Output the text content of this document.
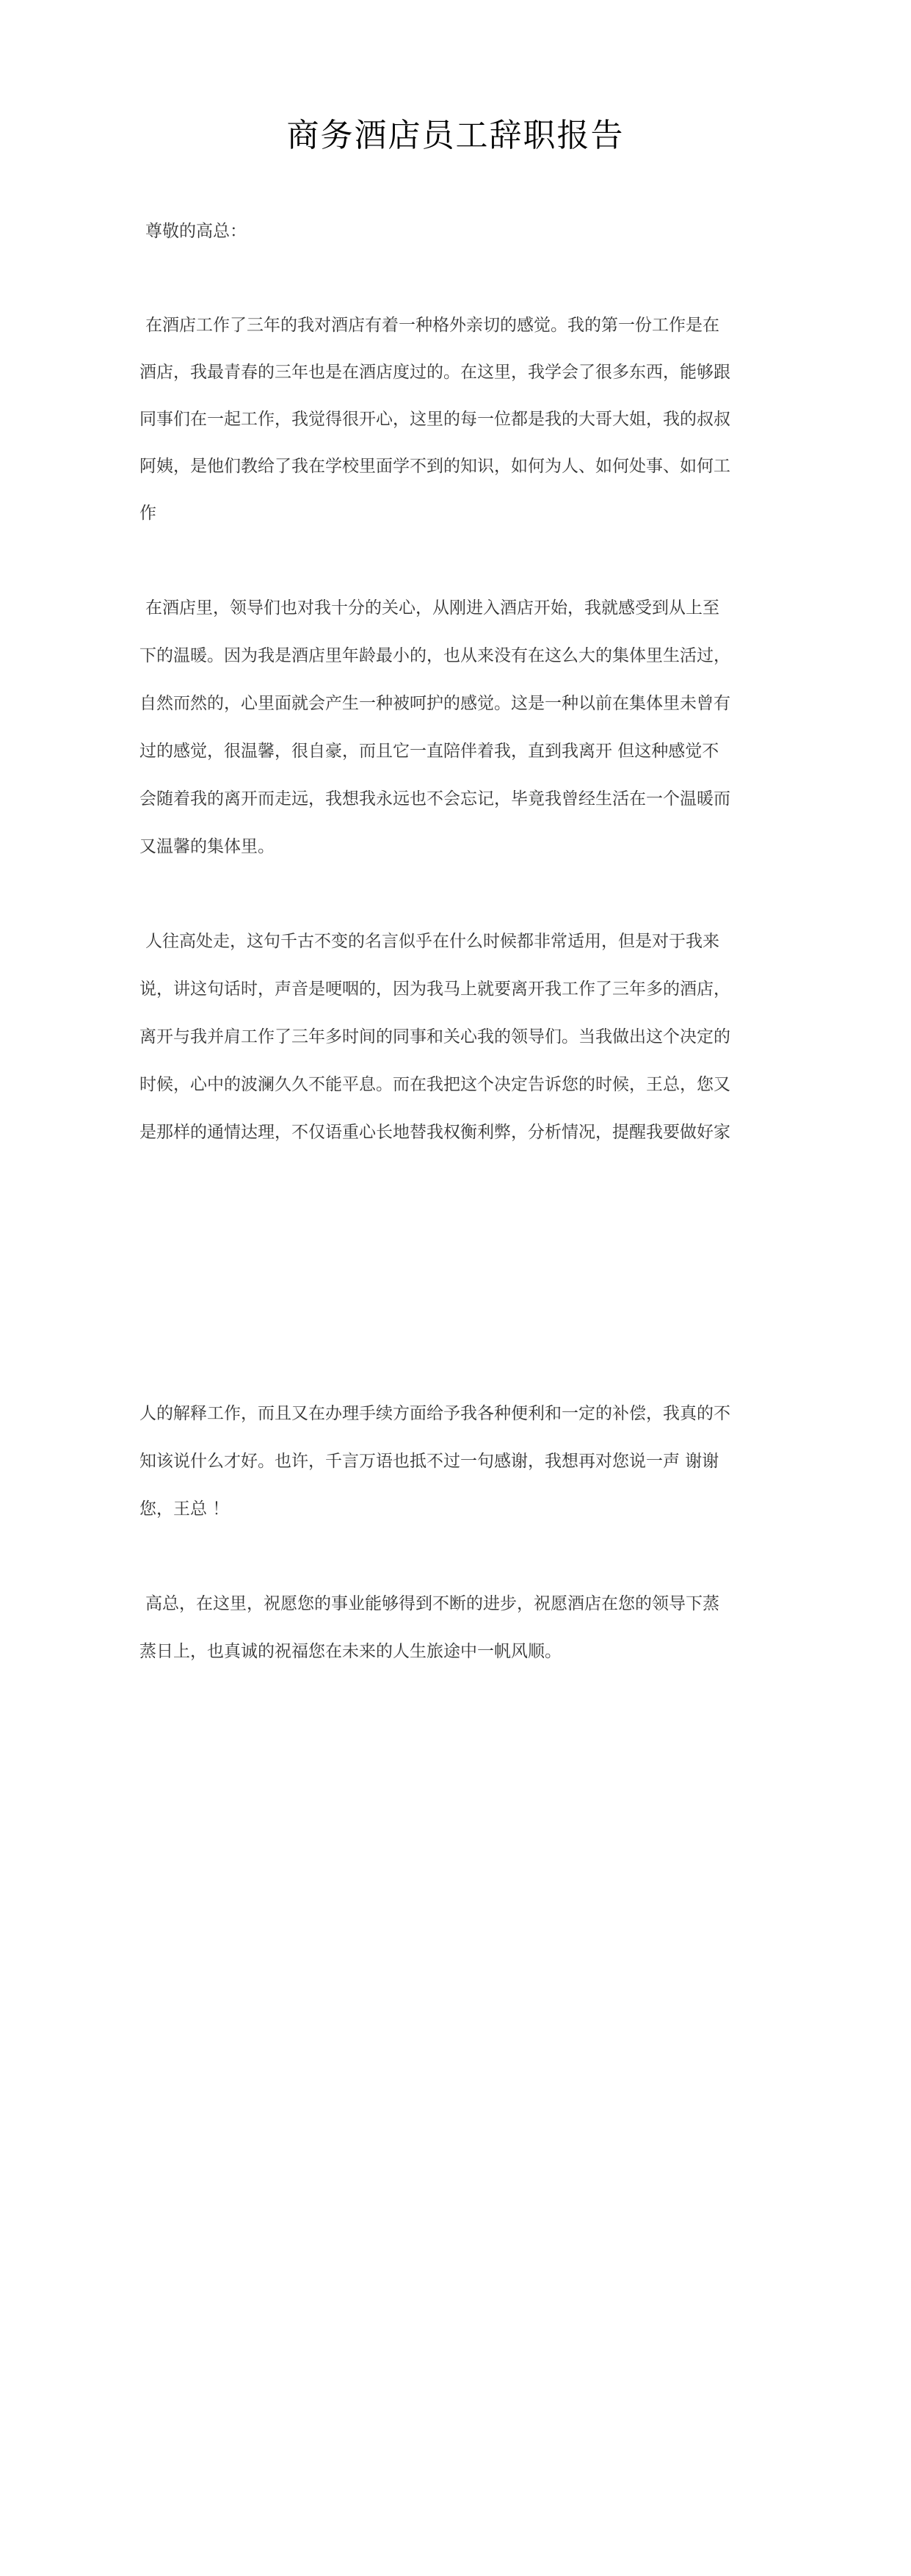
商务酒店员工辞职报告
尊敬的高总：
在酒店工作了三年的我对酒店有着一种格外亲切的感觉。我的第一份工作是在
酒店，我最青春的三年也是在酒店度过的。在这里，我学会了很多东西，能够跟
同事们在一起工作，我觉得很开心，这里的每一位都是我的大哥大姐，我的叔叔
阿姨，是他们教给了我在学校里面学不到的知识，如何为人、如何处事、如何工
作
在酒店里，领导们也对我十分的关心，从刚进入酒店开始，我就感受到从上至
下的温暖。因为我是酒店里年龄最小的，也从来没有在这么大的集体里生活过，
自然而然的，心里面就会产生一种被呵护的感觉。这是一种以前在集体里未曾有
过的感觉，很温馨，很自豪，而且它一直陪伴着我，直到我离开 但这种感觉不
会随着我的离开而走远，我想我永远也不会忘记，毕竟我曾经生活在一个温暖而
又温馨的集体里。
人往高处走，这句千古不变的名言似乎在什么时候都非常适用，但是对于我来
说，讲这句话时，声音是哽咽的，因为我马上就要离开我工作了三年多的酒店，
离开与我并肩工作了三年多时间的同事和关心我的领导们。当我做出这个决定的
时候，心中的波澜久久不能平息。而在我把这个决定告诉您的时候，王总，您又
是那样的通情达理，不仅语重心长地替我权衡利弊，分析情况，提醒我要做好家
人的解释工作，而且又在办理手续方面给予我各种便利和一定的补偿，我真的不
知该说什么才好。也许，千言万语也抵不过一句感谢，我想再对您说一声 谢谢
您，王总 ！
高总，在这里，祝愿您的事业能够得到不断的进步，祝愿酒店在您的领导下蒸
蒸日上，也真诚的祝福您在未来的人生旅途中一帆风顺。
